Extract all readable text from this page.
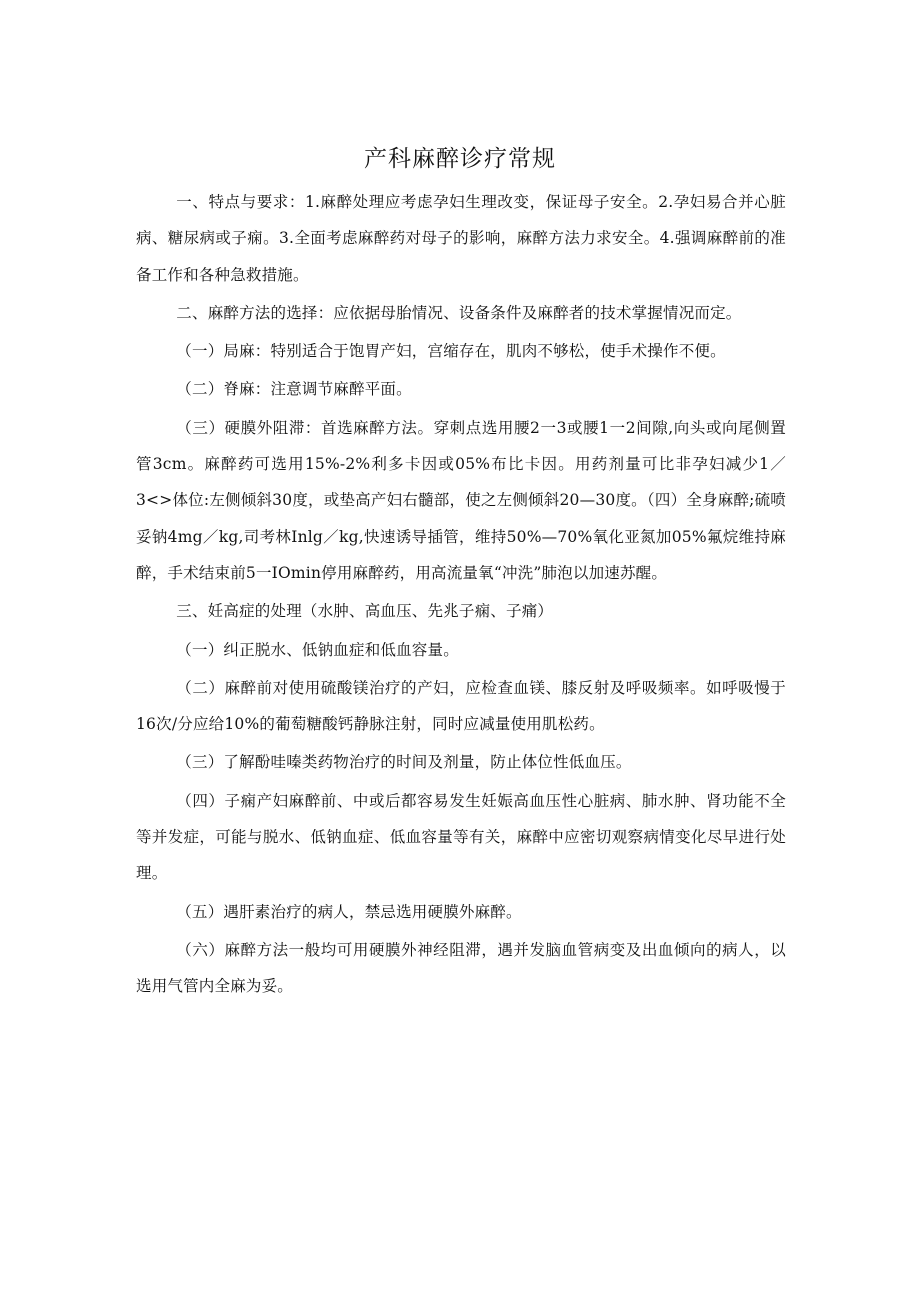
产科麻醉诊疗常规

一、特点与要求：1.麻醉处理应考虑孕妇生理改变，保证母子安全。2.孕妇易合并心脏病、糖尿病或子痫。3.全面考虑麻醉药对母子的影响，麻醉方法力求安全。4.强调麻醉前的准备工作和各种急救措施。

二、麻醉方法的选择：应依据母胎情况、设备条件及麻醉者的技术掌握情况而定。

（一）局麻：特别适合于饱胃产妇，宫缩存在，肌肉不够松，使手术操作不便。

（二）脊麻：注意调节麻醉平面。

（三）硬膜外阻滞：首选麻醉方法。穿刺点选用腰2一3或腰1一2间隙,向头或向尾侧置管3cm。麻醉药可选用15%-2%利多卡因或05%布比卡因。用药剂量可比非孕妇减少1／3<>体位:左侧倾斜30度，或垫高产妇右髓部，使之左侧倾斜20—30度。（四）全身麻醉;硫喷妥钠4mg／kg,司考林Inlg／kg,快速诱导插管，维持50%—70%氧化亚氮加05%氟烷维持麻醉，手术结束前5一IOmin停用麻醉药，用高流量氧“冲洗”肺泡以加速苏醒。

三、妊高症的处理（水肿、高血压、先兆子痫、子痛）

（一）纠正脱水、低钠血症和低血容量。

（二）麻醉前对使用硫酸镁治疗的产妇，应检查血镁、膝反射及呼吸频率。如呼吸慢于16次/分应给10%的葡萄糖酸钙静脉注射，同时应减量使用肌松药。

（三）了解酚哇嗪类药物治疗的时间及剂量，防止体位性低血压。

（四）子痫产妇麻醉前、中或后都容易发生妊娠高血压性心脏病、肺水肿、肾功能不全等并发症，可能与脱水、低钠血症、低血容量等有关，麻醉中应密切观察病情变化尽早进行处理。

（五）遇肝素治疗的病人，禁忌选用硬膜外麻醉。

（六）麻醉方法一般均可用硬膜外神经阻滞，遇并发脑血管病变及出血倾向的病人，以选用气管内全麻为妥。
